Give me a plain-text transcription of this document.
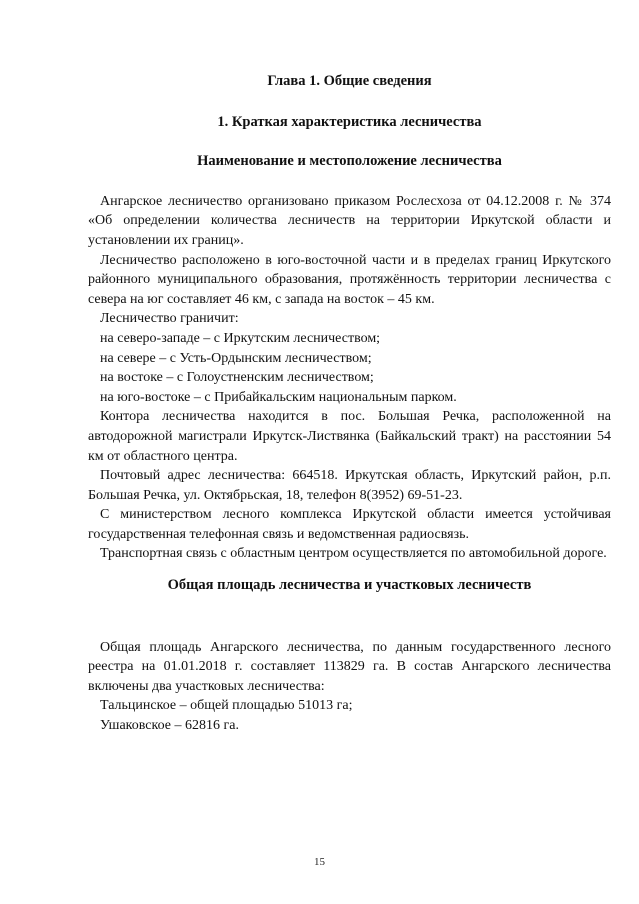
Глава 1. Общие сведения
1. Краткая характеристика лесничества
Наименование и местоположение лесничества

Ангарское лесничество организовано приказом Рослесхоза от 04.12.2008 г. № 374 «Об определении количества лесничеств на территории Иркутской области и установлении их границ».

Лесничество расположено в юго-восточной части и в пределах границ Иркутского районного муниципального образования, протяжённость территории лесничества с севера на юг составляет 46 км, с запада на восток – 45 км.

Лесничество граничит:

на северо-западе – с Иркутским лесничеством;

на севере – с Усть-Ордынским лесничеством;

на востоке – с Голоустненским лесничеством;

на юго-востоке – с Прибайкальским национальным парком.

Контора лесничества находится в пос. Большая Речка, расположенной на автодорожной магистрали Иркутск-Листвянка (Байкальский тракт) на расстоянии 54 км от областного центра.

Почтовый адрес лесничества: 664518. Иркутская область, Иркутский район, р.п. Большая Речка, ул. Октябрьская, 18, телефон 8(3952) 69-51-23.

С министерством лесного комплекса Иркутской области имеется устойчивая государственная телефонная связь и ведомственная радиосвязь.

Транспортная связь с областным центром осуществляется по автомобильной дороге.

Общая площадь лесничества и участковых лесничеств

Общая площадь Ангарского лесничества, по данным государственного лесного реестра на 01.01.2018 г. составляет 113829 га. В состав Ангарского лесничества включены два участковых лесничества:

Тальцинское – общей площадью 51013 га;

Ушаковское – 62816 га.

15
